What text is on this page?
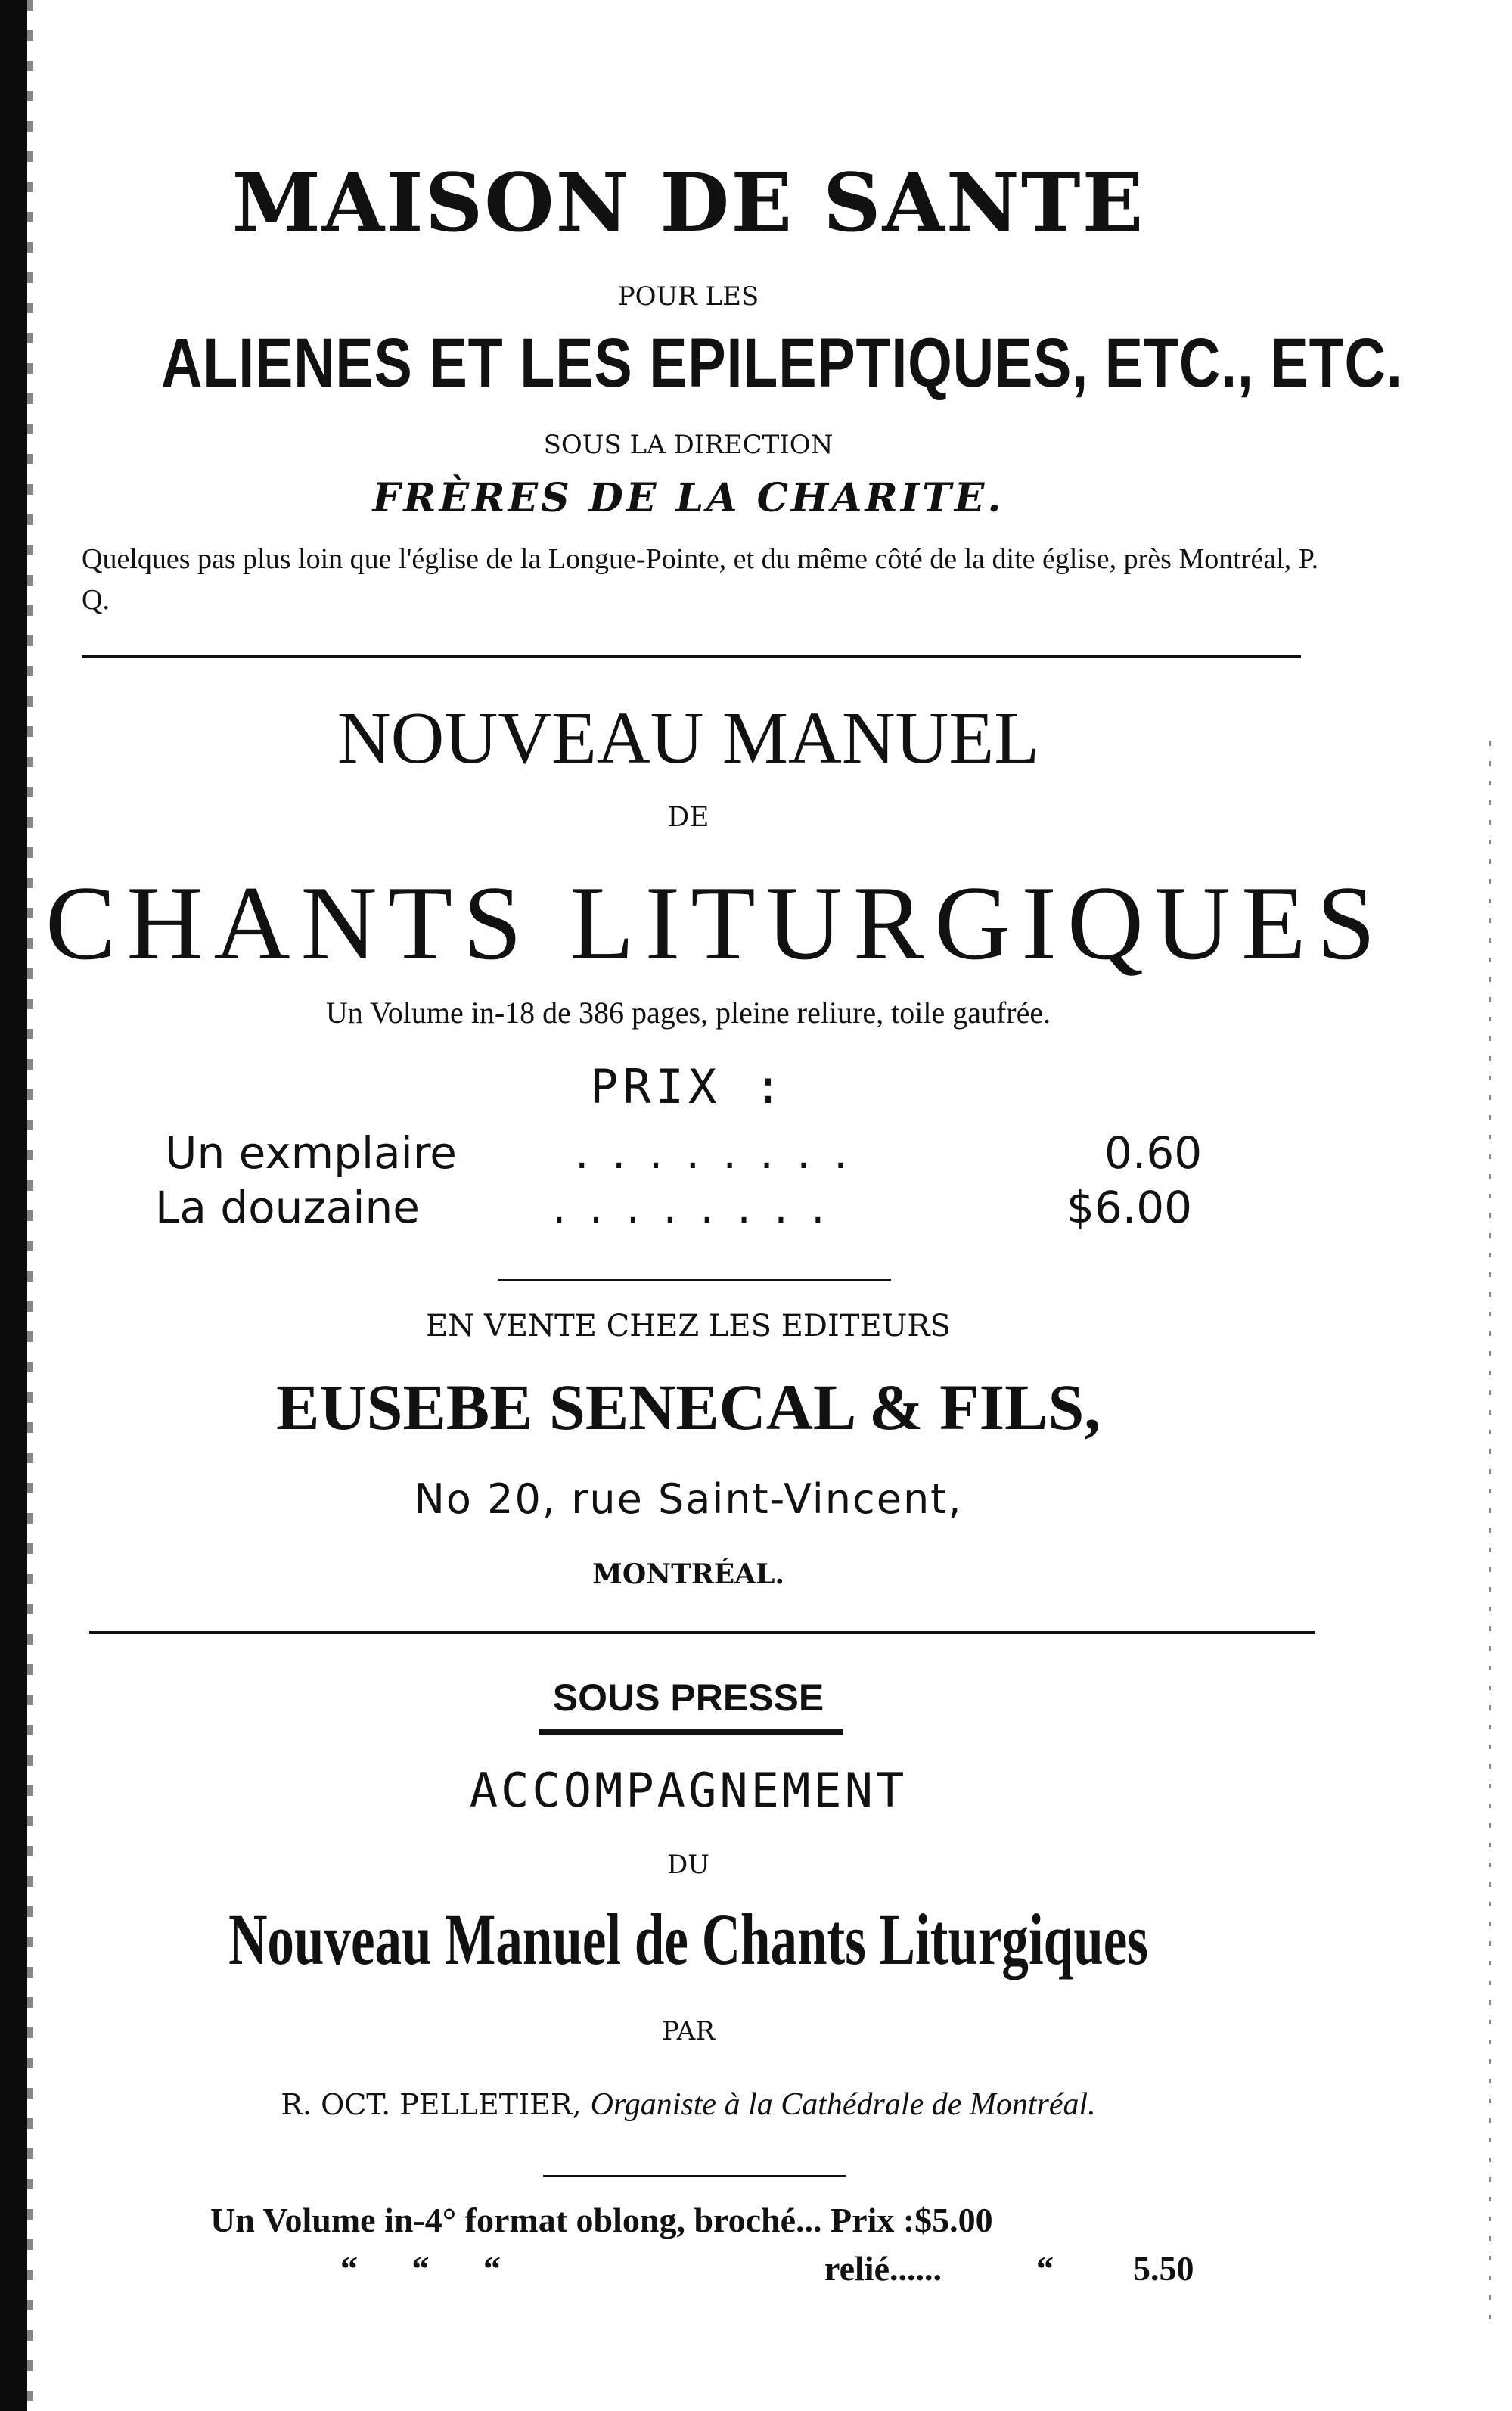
MAISON DE SANTE
POUR LES
ALIENES ET LES EPILEPTIQUES, ETC., ETC.
SOUS LA DIRECTION
FRÈRES DE LA CHARITE.
Quelques pas plus loin que l'église de la Longue-Pointe, et du même côté de la dite église, près Montréal, P. Q.
NOUVEAU MANUEL
DE
CHANTS LITURGIQUES
Un Volume in-18 de 386 pages, pleine reliure, toile gaufrée.
PRIX :
Un exmplaire	. . . . . . . .	0.60
La douzaine	. . . . . . . .	$6.00
EN VENTE CHEZ LES EDITEURS
EUSEBE SENECAL & FILS,
No 20, rue Saint-Vincent,
MONTRÉAL.
SOUS PRESSE
ACCOMPAGNEMENT
DU
Nouveau Manuel de Chants Liturgiques
PAR
R. OCT. PELLETIER, Organiste à la Cathédrale de Montréal.
Un Volume in-4° format oblong, broché... Prix :$5.00
“ “ “	relié......	“ 5.50
